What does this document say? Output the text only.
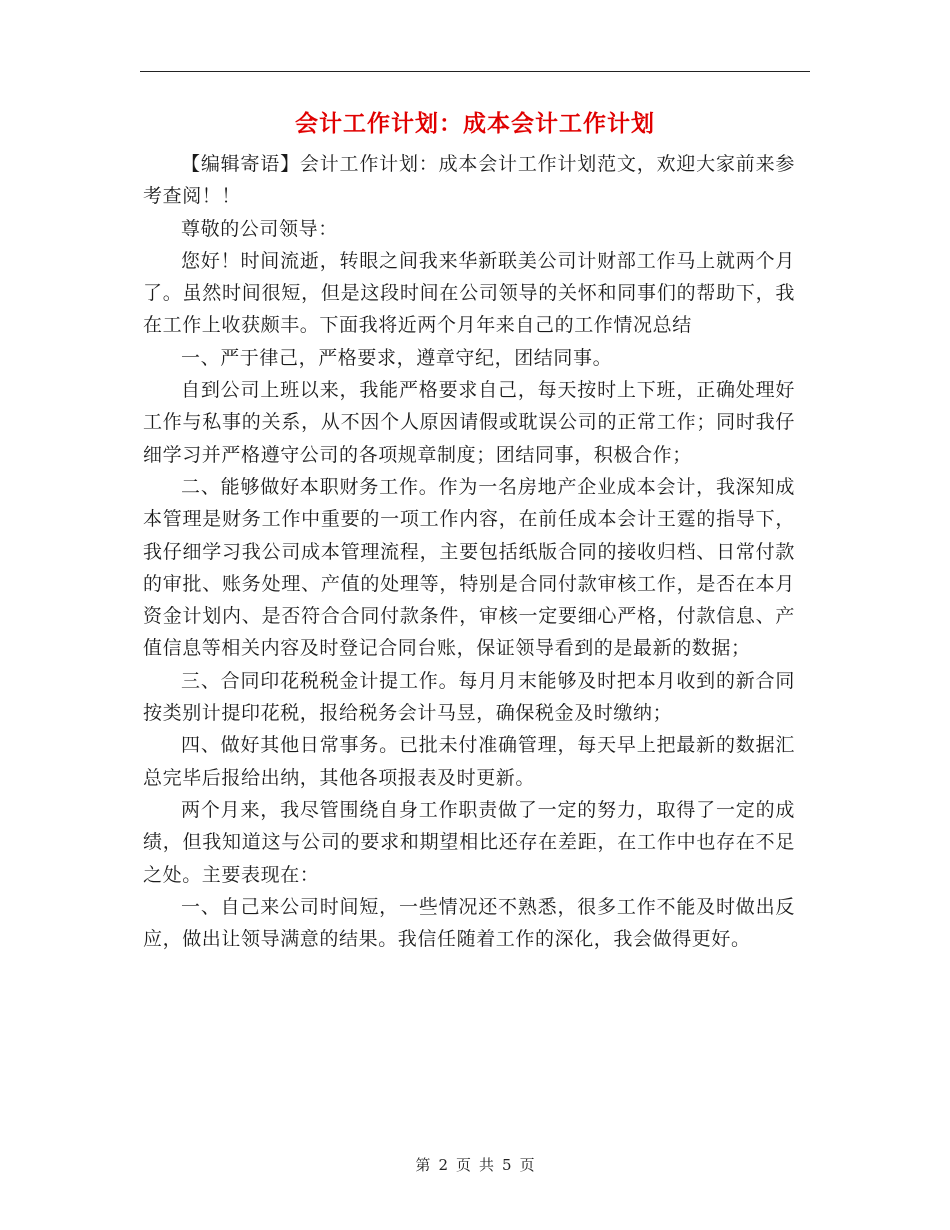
会计工作计划：成本会计工作计划

【编辑寄语】会计工作计划：成本会计工作计划范文，欢迎大家前来参考查阅！！

尊敬的公司领导：

您好！时间流逝，转眼之间我来华新联美公司计财部工作马上就两个月了。虽然时间很短，但是这段时间在公司领导的关怀和同事们的帮助下，我在工作上收获颇丰。下面我将近两个月年来自己的工作情况总结

一、严于律己，严格要求，遵章守纪，团结同事。

自到公司上班以来，我能严格要求自己，每天按时上下班，正确处理好工作与私事的关系，从不因个人原因请假或耽误公司的正常工作；同时我仔细学习并严格遵守公司的各项规章制度；团结同事，积极合作；

二、能够做好本职财务工作。作为一名房地产企业成本会计，我深知成本管理是财务工作中重要的一项工作内容，在前任成本会计王霆的指导下，我仔细学习我公司成本管理流程，主要包括纸版合同的接收归档、日常付款的审批、账务处理、产值的处理等，特别是合同付款审核工作，是否在本月资金计划内、是否符合合同付款条件，审核一定要细心严格，付款信息、产值信息等相关内容及时登记合同台账，保证领导看到的是最新的数据；

三、合同印花税税金计提工作。每月月末能够及时把本月收到的新合同按类别计提印花税，报给税务会计马昱，确保税金及时缴纳；

四、做好其他日常事务。已批未付准确管理，每天早上把最新的数据汇总完毕后报给出纳，其他各项报表及时更新。

两个月来，我尽管围绕自身工作职责做了一定的努力，取得了一定的成绩，但我知道这与公司的要求和期望相比还存在差距，在工作中也存在不足之处。主要表现在：

一、自己来公司时间短，一些情况还不熟悉，很多工作不能及时做出反应，做出让领导满意的结果。我信任随着工作的深化，我会做得更好。

第 2 页 共 5 页
